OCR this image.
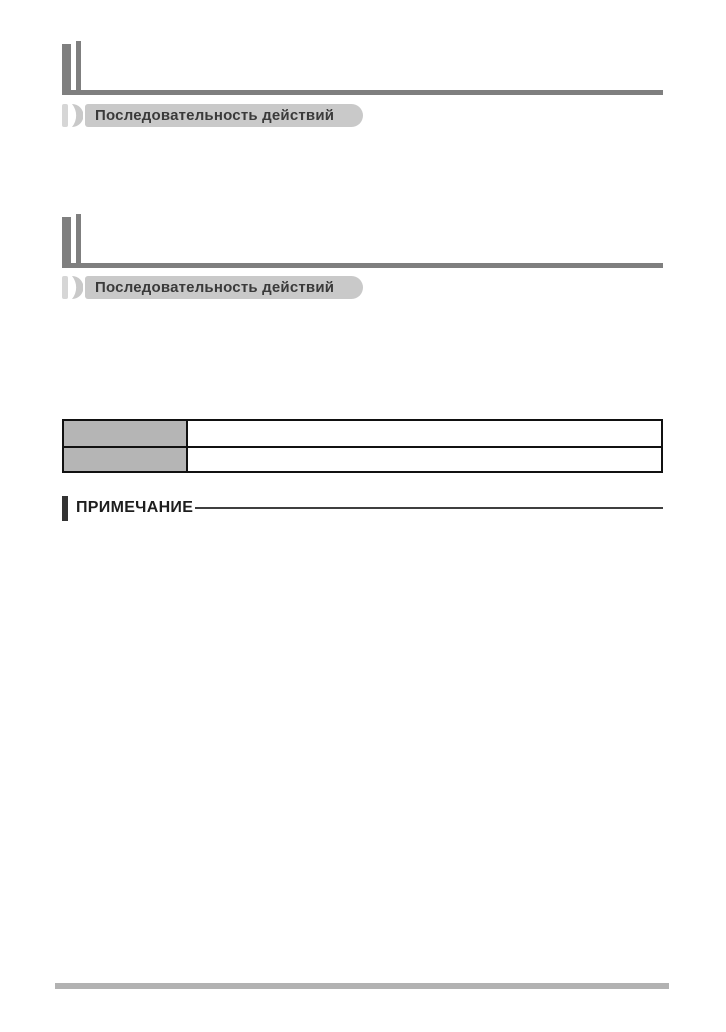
Последовательность действий
Последовательность действий
ПРИМЕЧАНИЕ
